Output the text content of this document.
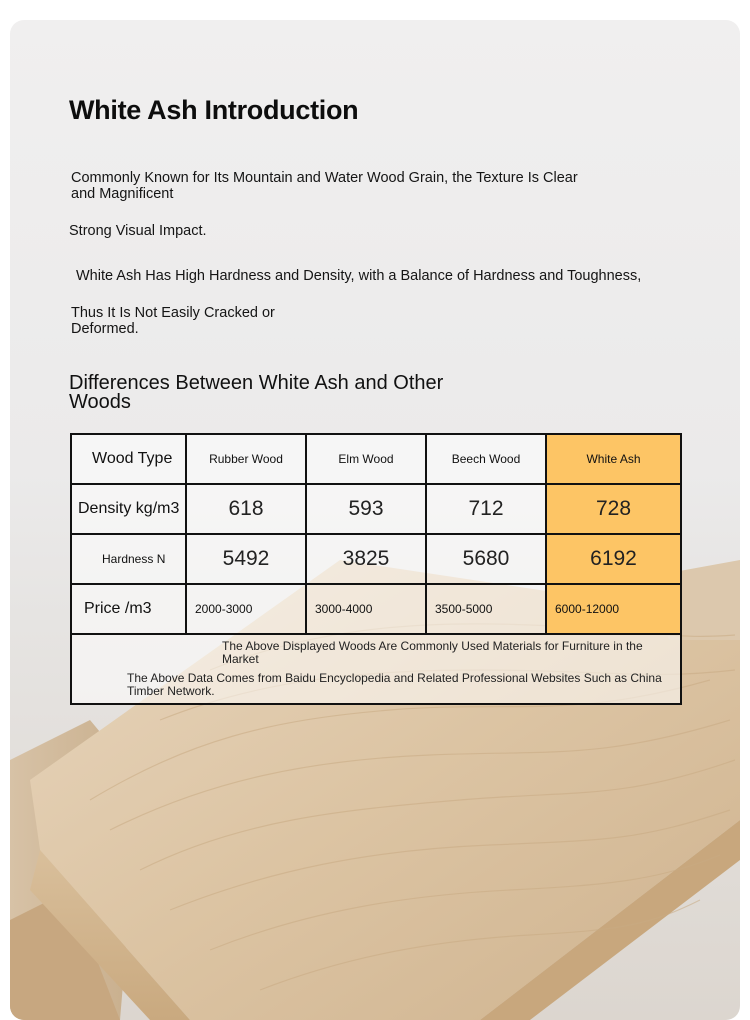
White Ash Introduction
Commonly Known for Its Mountain and Water Wood Grain, the Texture Is Clear and Magnificent
Strong Visual Impact.
White Ash Has High Hardness and Density, with a Balance of Hardness and Toughness,
Thus It Is Not Easily Cracked or Deformed.
Differences Between White Ash and Other Woods
Wood Type	Rubber Wood	Elm Wood	Beech Wood	White Ash
Density kg/m3	618	593	712	728
Hardness N	5492	3825	5680	6192
Price /m3	2000-3000	3000-4000	3500-5000	6000-12000

The Above Displayed Woods Are Commonly Used Materials for Furniture in the Market
The Above Data Comes from Baidu Encyclopedia and Related Professional Websites Such as China Timber Network.				
